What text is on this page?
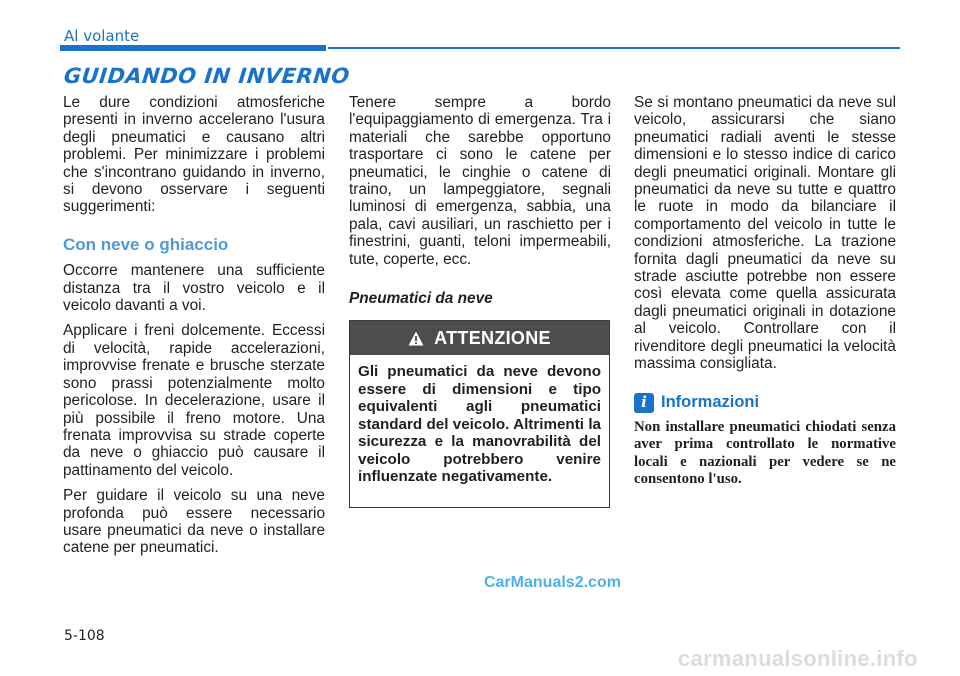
Al volante
GUIDANDO IN INVERNO

Le dure condizioni atmosferiche presenti in inverno accelerano l'usura degli pneumatici e causano altri problemi. Per minimizzare i problemi che s'incontrano guidando in inverno, si devono osservare i seguenti suggerimenti:

Con neve o ghiaccio

Occorre mantenere una sufficiente distanza tra il vostro veicolo e il veicolo davanti a voi.

Applicare i freni dolcemente. Eccessi di velocità, rapide accelerazioni, improvvise frenate e brusche sterzate sono prassi potenzialmente molto pericolose. In decelerazione, usare il più possibile il freno motore. Una frenata improvvisa su strade coperte da neve o ghiaccio può causare il pattinamento del veicolo.

Per guidare il veicolo su una neve profonda può essere necessario usare pneumatici da neve o installare catene per pneumatici.

Tenere sempre a bordo l'equipaggiamento di emergenza. Tra i materiali che sarebbe opportuno trasportare ci sono le catene per pneumatici, le cinghie o catene di traino, un lampeggiatore, segnali luminosi di emergenza, sabbia, una pala, cavi ausiliari, un raschietto per i finestrini, guanti, teloni impermeabili, tute, coperte, ecc.

Pneumatici da neve
ATTENZIONE
Gli pneumatici da neve devono essere di dimensioni e tipo equivalenti agli pneumatici standard del veicolo. Altrimenti la sicurezza e la manovrabilità del veicolo potrebbero venire influenzate negativamente.

Se si montano pneumatici da neve sul veicolo, assicurarsi che siano pneumatici radiali aventi le stesse dimensioni e lo stesso indice di carico degli pneumatici originali. Montare gli pneumatici da neve su tutte e quattro le ruote in modo da bilanciare il comportamento del veicolo in tutte le condizioni atmosferiche. La trazione fornita dagli pneumatici da neve su strade asciutte potrebbe non essere così elevata come quella assicurata dagli pneumatici originali in dotazione al veicolo. Controllare con il rivenditore degli pneumatici la velocità massima consigliata.

i Informazioni

Non installare pneumatici chiodati senza aver prima controllato le normative locali e nazionali per vedere se ne consentono l'uso.

CarManuals2.com
5-108
carmanualsonline.info
